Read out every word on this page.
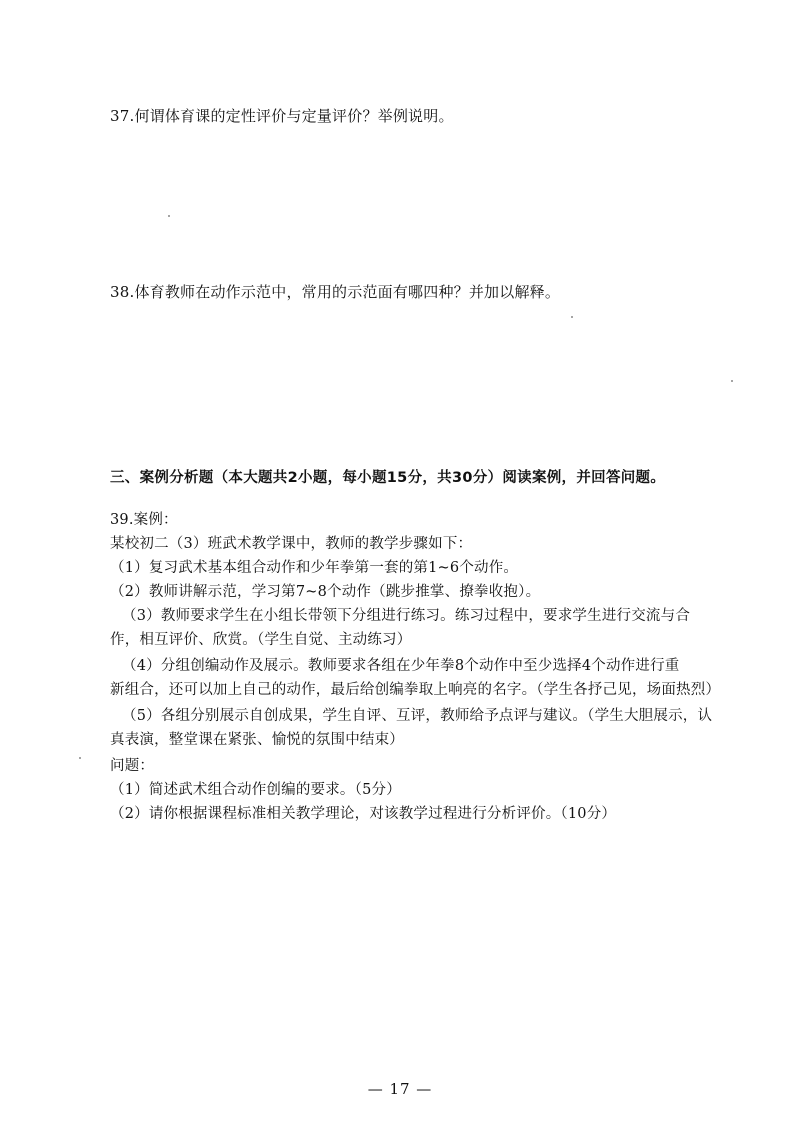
37.何谓体育课的定性评价与定量评价？举例说明。
38.体育教师在动作示范中，常用的示范面有哪四种？并加以解释。
三、案例分析题（本大题共2小题，每小题15分，共30分）阅读案例，并回答问题。
39.案例：
某校初二（3）班武术教学课中，教师的教学步骤如下：
（1）复习武术基本组合动作和少年拳第一套的第1~6个动作。
（2）教师讲解示范，学习第7~8个动作（跳步推掌、撩拳收抱）。
（3）教师要求学生在小组长带领下分组进行练习。练习过程中，要求学生进行交流与合
作，相互评价、欣赏。（学生自觉、主动练习）
（4）分组创编动作及展示。教师要求各组在少年拳8个动作中至少选择4个动作进行重
新组合，还可以加上自己的动作，最后给创编拳取上响亮的名字。（学生各抒己见，场面热烈）
（5）各组分别展示自创成果，学生自评、互评，教师给予点评与建议。（学生大胆展示，认
真表演，整堂课在紧张、愉悦的氛围中结束）
问题：
（1）简述武术组合动作创编的要求。（5分）
（2）请你根据课程标准相关教学理论，对该教学过程进行分析评价。（10分）
— 17 —
